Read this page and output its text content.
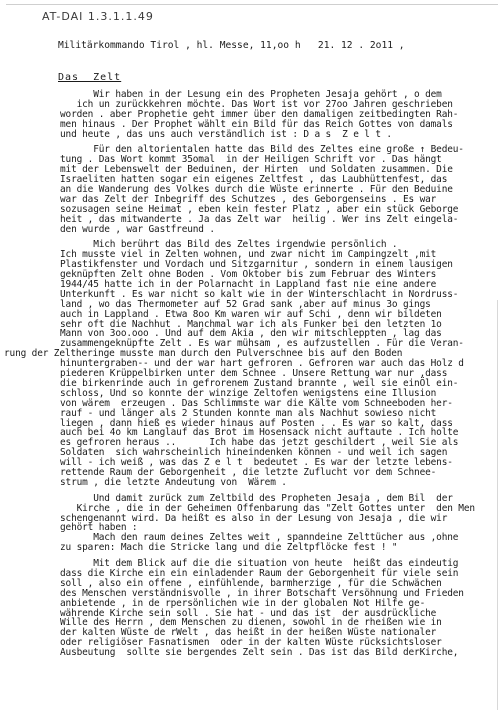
AT-DAI 1.3.1.1.49
Militärkommando Tirol , hl. Messe, 11,oo h   21. 12 . 2o11 ,
Das  Zelt
Wir haben in der Lesung ein des Propheten Jesaja gehört , o dem
ich un zurückkehren möchte. Das Wort ist vor 27oo Jahren geschrieben
worden . aber Prophetie geht immer über den damaligen zeitbedingten Rah-
men hinaus . Der Prophet wählt ein Bild für das Reich Gottes von damals
und heute , das uns auch verständlich ist : D a s  Z e l t .
Für den altorientalen hatte das Bild des Zeltes eine große ↑ Bedeu-
tung . Das Wort kommt 35omal  in der Heiligen Schrift vor . Das hängt
mit der Lebenswelt der Beduinen, der Hirten  und Soldaten zusammen. Die
Israeliten hatten sogar ein eigenes Zeltfest , das Laubhüttenfest, das
an die Wanderung des Volkes durch die Wüste erinnerte . Für den Beduine
war das Zelt der Inbegriff des Schutzes , des Geborgenseins . Es war
sozusagen seine Heimat , eben kein fester Platz , aber ein stück Geborge
heit , das mitwanderte . Ja das Zelt war  heilig . Wer ins Zelt eingela-
den wurde , war Gastfreund .
Mich berührt das Bild des Zeltes irgendwie persönlich .
Ich musste viel in Zelten wohnen, und zwar nicht im Campingzelt ,mit
Plastikfenster und Vordach und Sitzgarnitur , sondern in einem lausigen
geknüpften Zelt ohne Boden . Vom Oktober bis zum Februar des Winters
1944/45 hatte ich in der Polarnacht in Lappland fast nie eine andere
Unterkunft . Es war nicht so kalt wie in der Winterschlacht in Nordruss-
land , wo das Thermometer auf 52 Grad sank ,aber auf minus 3o gings
auch in Lappland . Etwa 8oo Km waren wir auf Schi , denn wir bildeten
sehr oft die Nachhut . Manchmal war ich als Funker bei den letzten 1o
Mann von 3oo.ooo . Und auf dem Akia , den wir mitschleppten , lag das
zusammengeknüpfte Zelt . Es war mühsam , es aufzustellen . Für die Veran-
rung der Zeltheringe musste man durch den Pulverschnee bis auf den Boden
hinuntergraben-- und der war hart gefroren . Gefroren war auch das Holz d
piederen Krüppelbirken unter dem Schnee . Unsere Rettung war nur ,dass
die birkenrinde auch in gefrorenem Zustand brannte , weil sie einÖl ein-
schloss, Und so konnte der winzige Zeltofen wenigstens eine Illusion
von wärem  erzeugen . Das Schlimmste war die Kälte vom Schneeboden her-
rauf - und länger als 2 Stunden konnte man als Nachhut sowieso nicht
liegen , dann hieß es wieder hinaus auf Posten . . Es war so kalt, dass
auch bei 4o km Langlauf das Brot im Hosensack nicht auftaute . Ich holte
es gefroren heraus ..      Ich habe das jetzt geschildert , weil Sie als
Soldaten  sich wahrscheinlich hineindenken können - und weil ich sagen
will - ich weiß , was das Z e l t  bedeutet . Es war der letzte lebens-
rettende Raum der Geborgenheit , die letzte Zuflucht vor dem Schnee-
strum , die letzte Andeutung von  Wärem .
Und damit zurück zum Zeltbild des Propheten Jesaja , dem Bil  der
Kirche , die in der Geheimen Offenbarung das "Zelt Gottes unter  den Men
schengenannt wird. Da heißt es also in der Lesung von Jesaja , die wir
gehört haben :
Mach den raum deines Zeltes weit , spanndeine Zelttücher aus ,ohne
zu sparen: Mach die Stricke lang und die Zeltpflöcke fest ! "
Mit dem Blick auf die die situation von heute  heißt das eindeutig
dass die Kirche ein ein einladender Raum der Geborgenheit für viele sein
soll , also ein offene , einfühlende, barmherzige , für die Schwächen
des Menschen verständnisvolle , in ihrer Botschaft Versöhnung und Frieden
anbietende , in de rpersönlichen wie in der globalen Not Hilfe ge-
währende Kirche sein soll . Sie hat - und das ist  der ausdrückliche
Wille des Herrn , dem Menschen zu dienen, sowohl in de rheißen wie in
der kalten Wüste de rWelt , das heißt in der heißen Wüste nationaler
oder religiöser Fasnatismen  oder in der kalten Wüste rücksichtsloser
Ausbeutung  sollte sie bergendes Zelt sein . Das ist das Bild derKirche,
